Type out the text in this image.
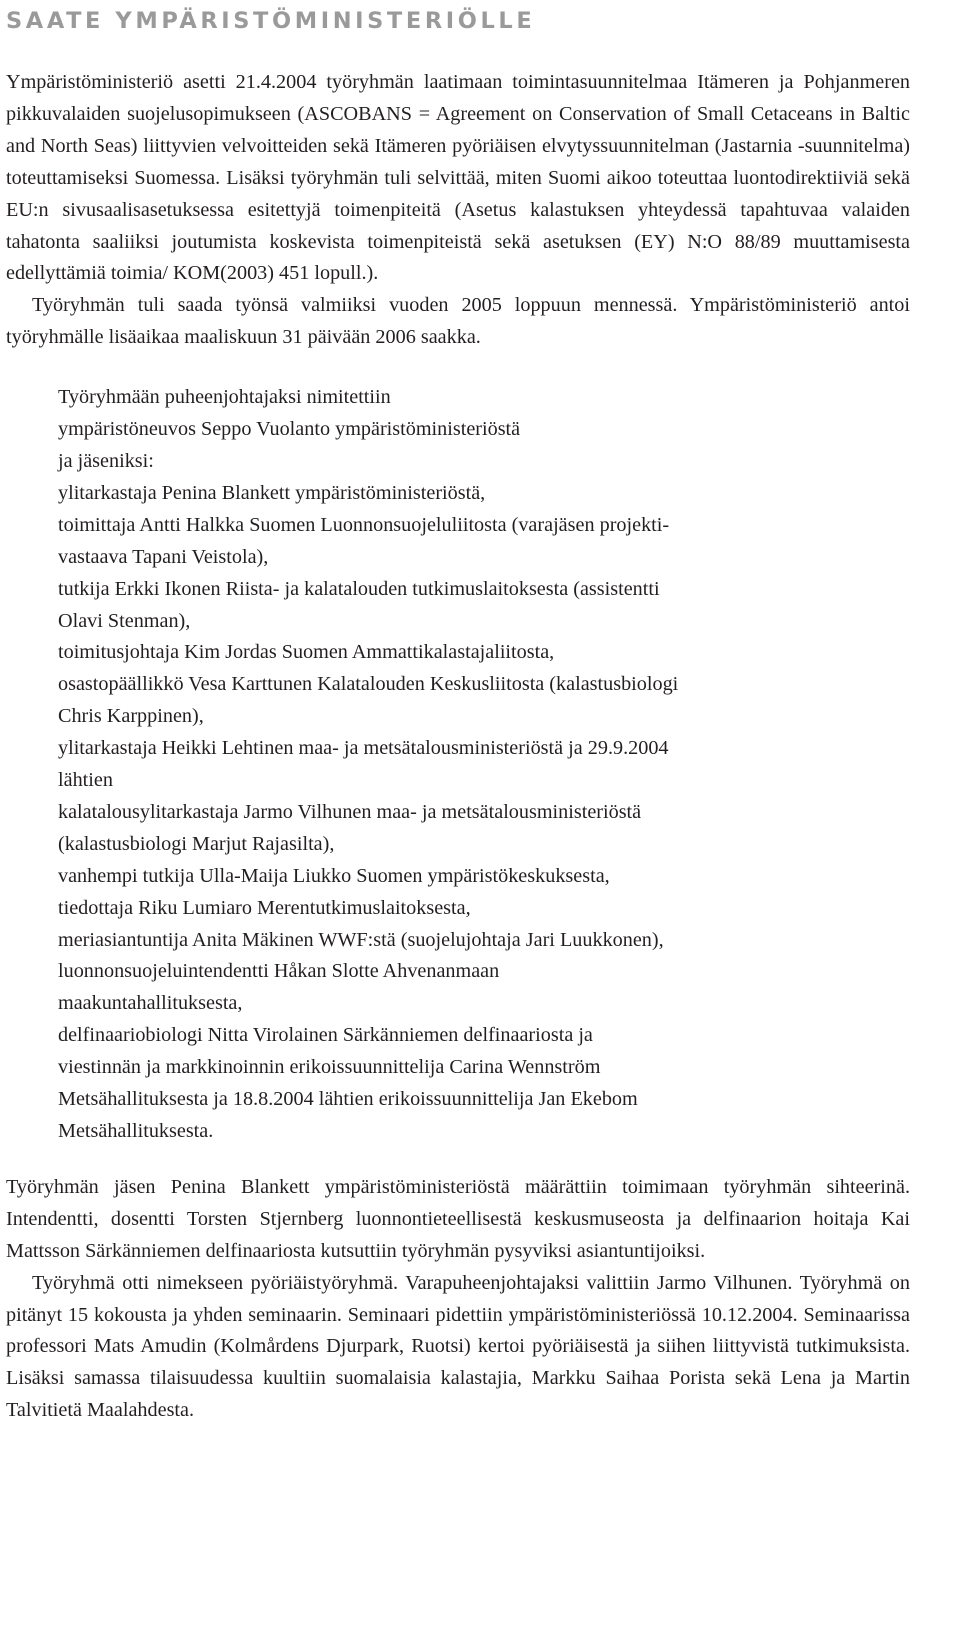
SAATE YMPÄRISTÖMINISTERIÖLLE

Ympäristöministeriö asetti 21.4.2004 työryhmän laatimaan toimintasuunnitelmaa Itämeren ja Pohjanmeren pikkuvalaiden suojelusopimukseen (ASCOBANS = Agreement on Conservation of Small Cetaceans in Baltic and North Seas) liittyvien velvoitteiden sekä Itämeren pyöriäisen elvytyssuunnitelman (Jastarnia -suunnitelma) toteuttamiseksi Suomessa. Lisäksi työryhmän tuli selvittää, miten Suomi aikoo toteuttaa luontodirektiiviä sekä EU:n sivusaalisasetuksessa esitettyjä toimenpiteitä (Asetus kalastuksen yhteydessä tapahtuvaa valaiden tahatonta saaliiksi joutumista koskevista toimenpiteistä sekä asetuksen (EY) N:O 88/89 muuttamisesta edellyttämiä toimia/ KOM(2003) 451 lopull.).

Työryhmän tuli saada työnsä valmiiksi vuoden 2005 loppuun mennessä. Ympäristöministeriö antoi työryhmälle lisäaikaa maaliskuun 31 päivään 2006 saakka.

Työryhmään puheenjohtajaksi nimitettiin
ympäristöneuvos Seppo Vuolanto ympäristöministeriöstä
ja jäseniksi:
ylitarkastaja Penina Blankett ympäristöministeriöstä,
toimittaja Antti Halkka Suomen Luonnonsuojeluliitosta (varajäsen projekti-
vastaava Tapani Veistola),
tutkija Erkki Ikonen Riista- ja kalatalouden tutkimuslaitoksesta (assistentti
Olavi Stenman),
toimitusjohtaja Kim Jordas Suomen Ammattikalastajaliitosta,
osastopäällikkö Vesa Karttunen Kalatalouden Keskusliitosta (kalastusbiologi
Chris Karppinen),
ylitarkastaja Heikki Lehtinen maa- ja metsätalousministeriöstä ja 29.9.2004
lähtien
kalatalousylitarkastaja Jarmo Vilhunen maa- ja metsätalousministeriöstä
(kalastusbiologi Marjut Rajasilta),
vanhempi tutkija Ulla-Maija Liukko Suomen ympäristökeskuksesta,
tiedottaja Riku Lumiaro Merentutkimuslaitoksesta,
meriasiantuntija Anita Mäkinen WWF:stä (suojelujohtaja Jari Luukkonen),
luonnonsuojeluintendentti Håkan Slotte Ahvenanmaan
maakuntahallituksesta,
delfinaariobiologi Nitta Virolainen Särkänniemen delfinaariosta ja
viestinnän ja markkinoinnin erikoissuunnittelija Carina Wennström
Metsähallituksesta ja 18.8.2004 lähtien erikoissuunnittelija Jan Ekebom
Metsähallituksesta.

Työryhmän jäsen Penina Blankett ympäristöministeriöstä määrättiin toimimaan työryhmän sihteerinä. Intendentti, dosentti Torsten Stjernberg luonnontieteellisestä keskusmuseosta ja delfinaarion hoitaja Kai Mattsson Särkänniemen delfinaariosta kutsuttiin työryhmän pysyviksi asiantuntijoiksi.

Työryhmä otti nimekseen pyöriäistyöryhmä. Varapuheenjohtajaksi valittiin Jarmo Vilhunen. Työryhmä on pitänyt 15 kokousta ja yhden seminaarin. Seminaari pidettiin ympäristöministeriössä 10.12.2004. Seminaarissa professori Mats Amudin (Kolmårdens Djurpark, Ruotsi) kertoi pyöriäisestä ja siihen liittyvistä tutkimuksista. Lisäksi samassa tilaisuudessa kuultiin suomalaisia kalastajia, Markku Saihaa Porista sekä Lena ja Martin Talvitietä Maalahdesta.
